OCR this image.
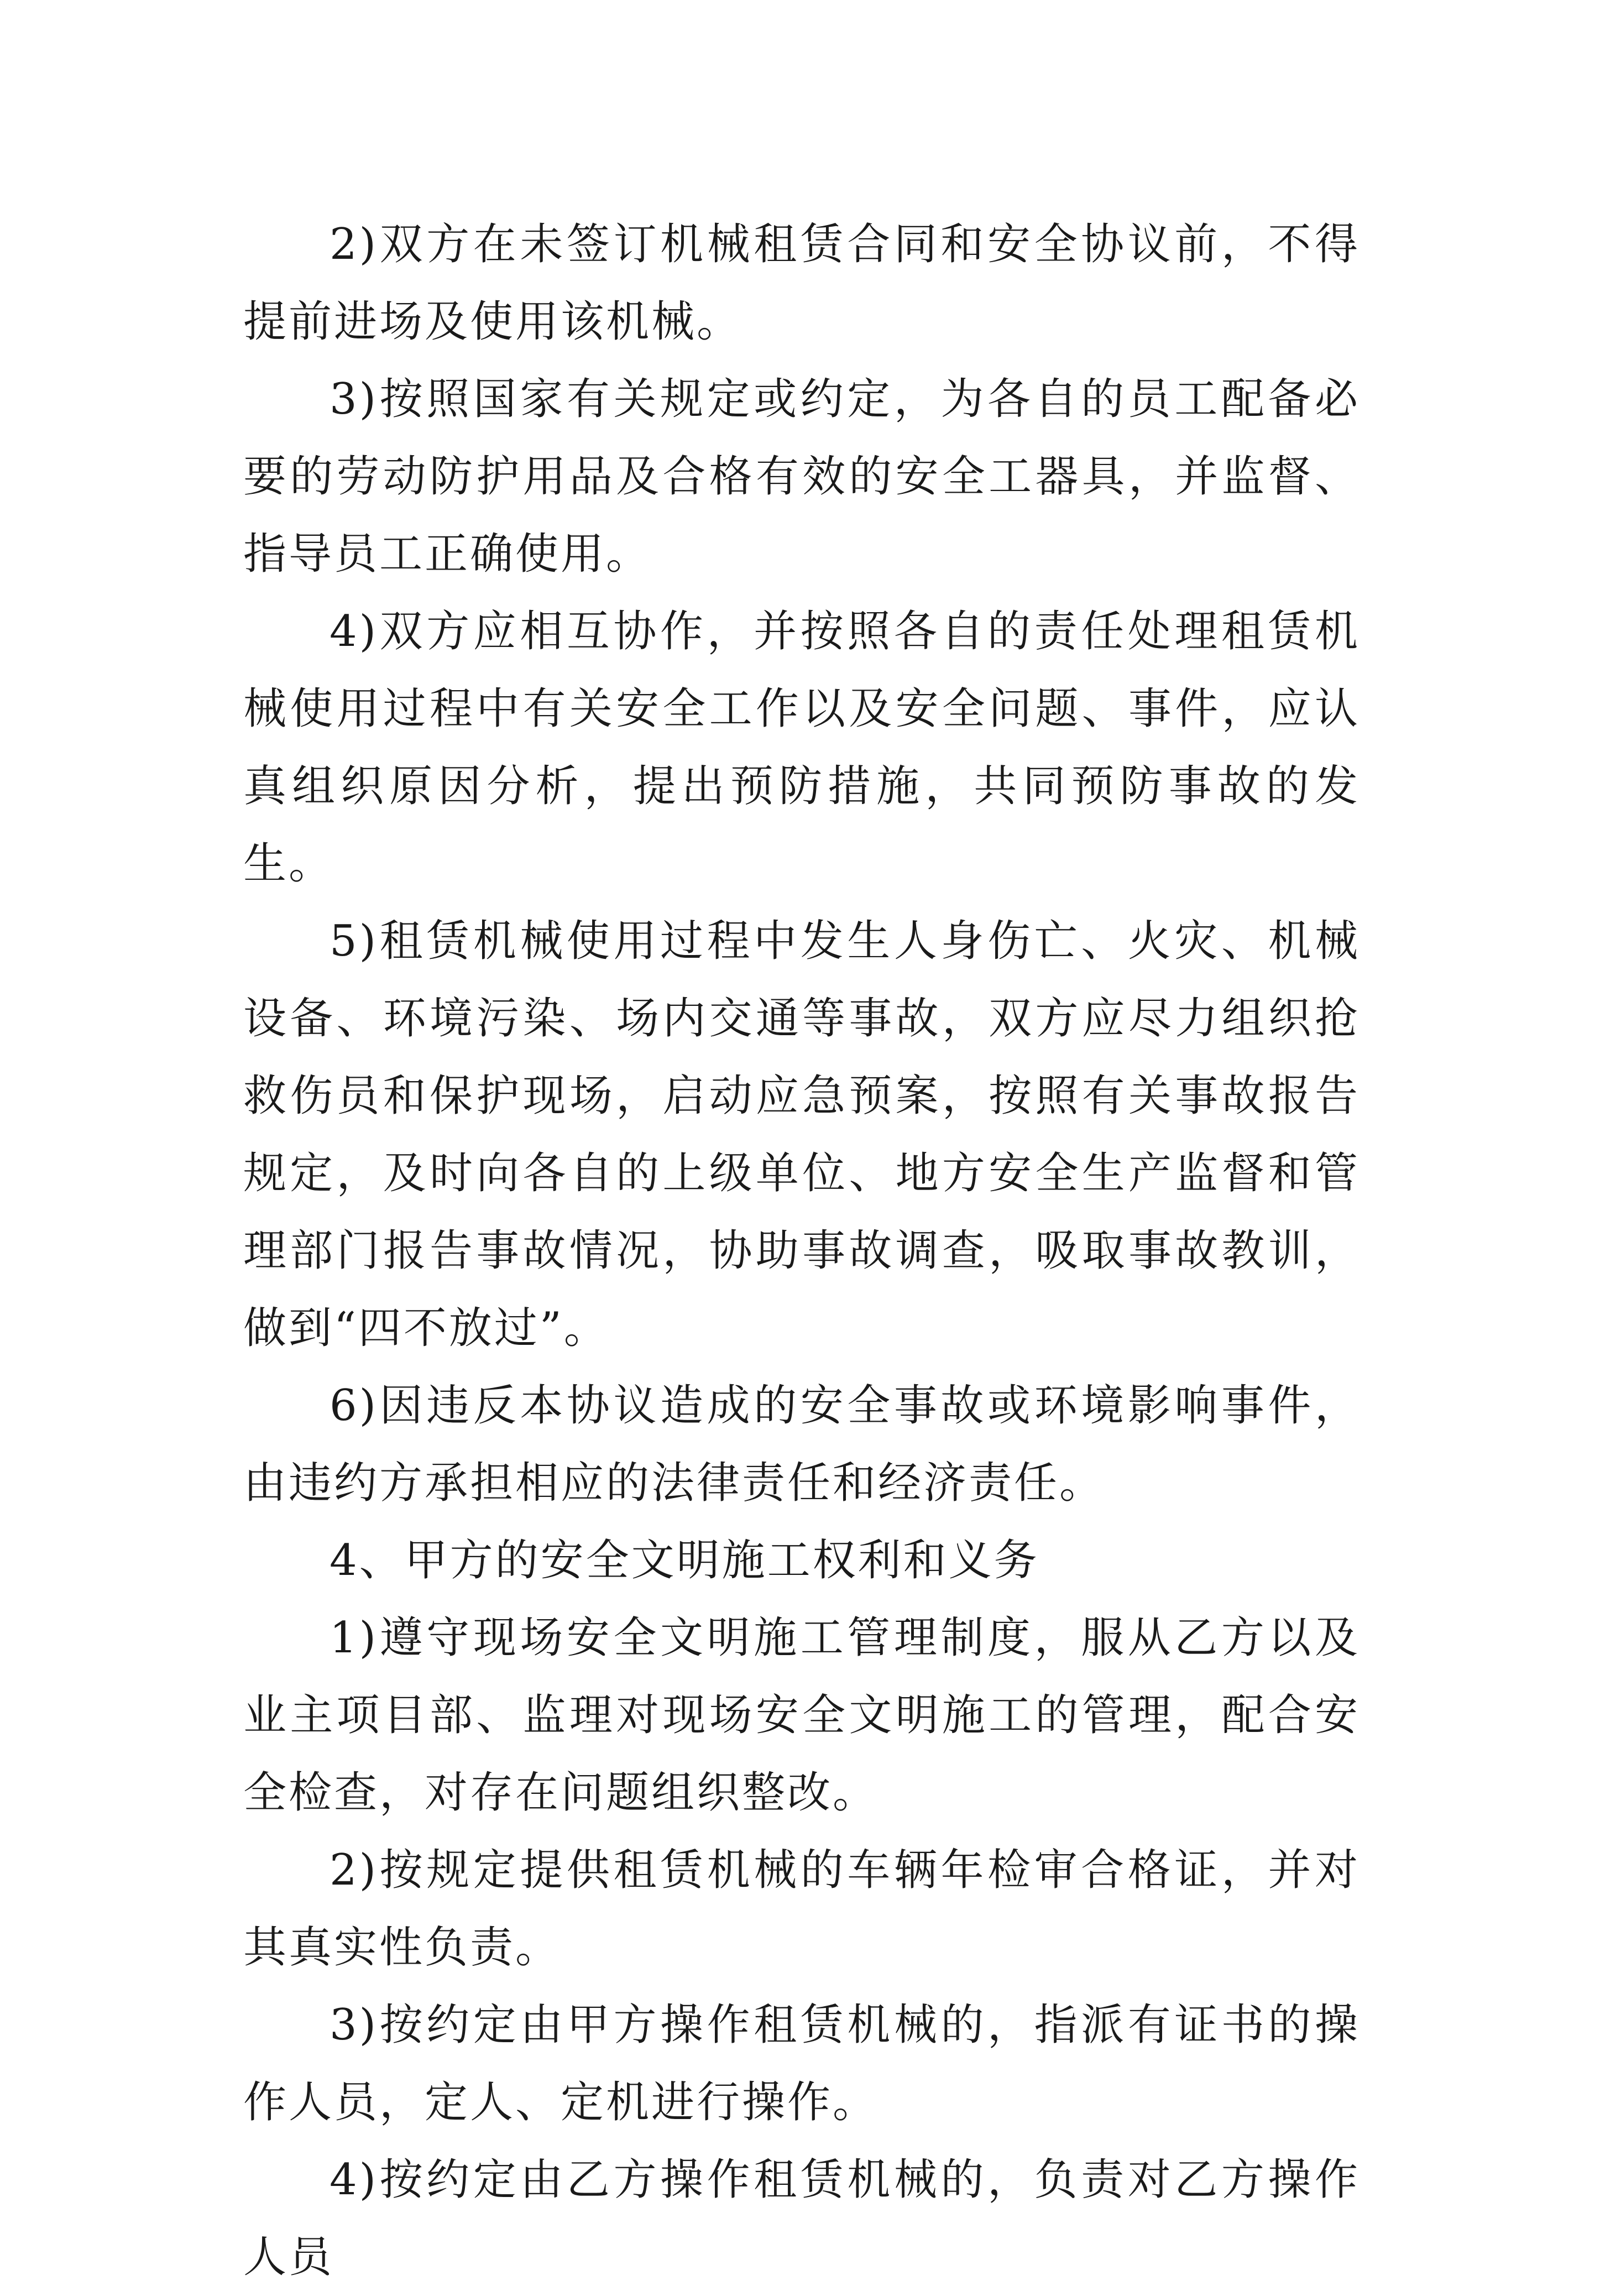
2)双方在未签订机械租赁合同和安全协议前，不得提前进场及使用该机械。

3)按照国家有关规定或约定，为各自的员工配备必要的劳动防护用品及合格有效的安全工器具，并监督、指导员工正确使用。

4)双方应相互协作，并按照各自的责任处理租赁机械使用过程中有关安全工作以及安全问题、事件，应认真组织原因分析，提出预防措施，共同预防事故的发生。

5)租赁机械使用过程中发生人身伤亡、火灾、机械设备、环境污染、场内交通等事故，双方应尽力组织抢救伤员和保护现场，启动应急预案，按照有关事故报告规定，及时向各自的上级单位、地方安全生产监督和管理部门报告事故情况，协助事故调查，吸取事故教训，做到“四不放过”。

6)因违反本协议造成的安全事故或环境影响事件，由违约方承担相应的法律责任和经济责任。

4、甲方的安全文明施工权利和义务

1)遵守现场安全文明施工管理制度，服从乙方以及业主项目部、监理对现场安全文明施工的管理，配合安全检查，对存在问题组织整改。

2)按规定提供租赁机械的车辆年检审合格证，并对其真实性负责。

3)按约定由甲方操作租赁机械的，指派有证书的操作人员，定人、定机进行操作。

4)按约定由乙方操作租赁机械的，负责对乙方操作人员
